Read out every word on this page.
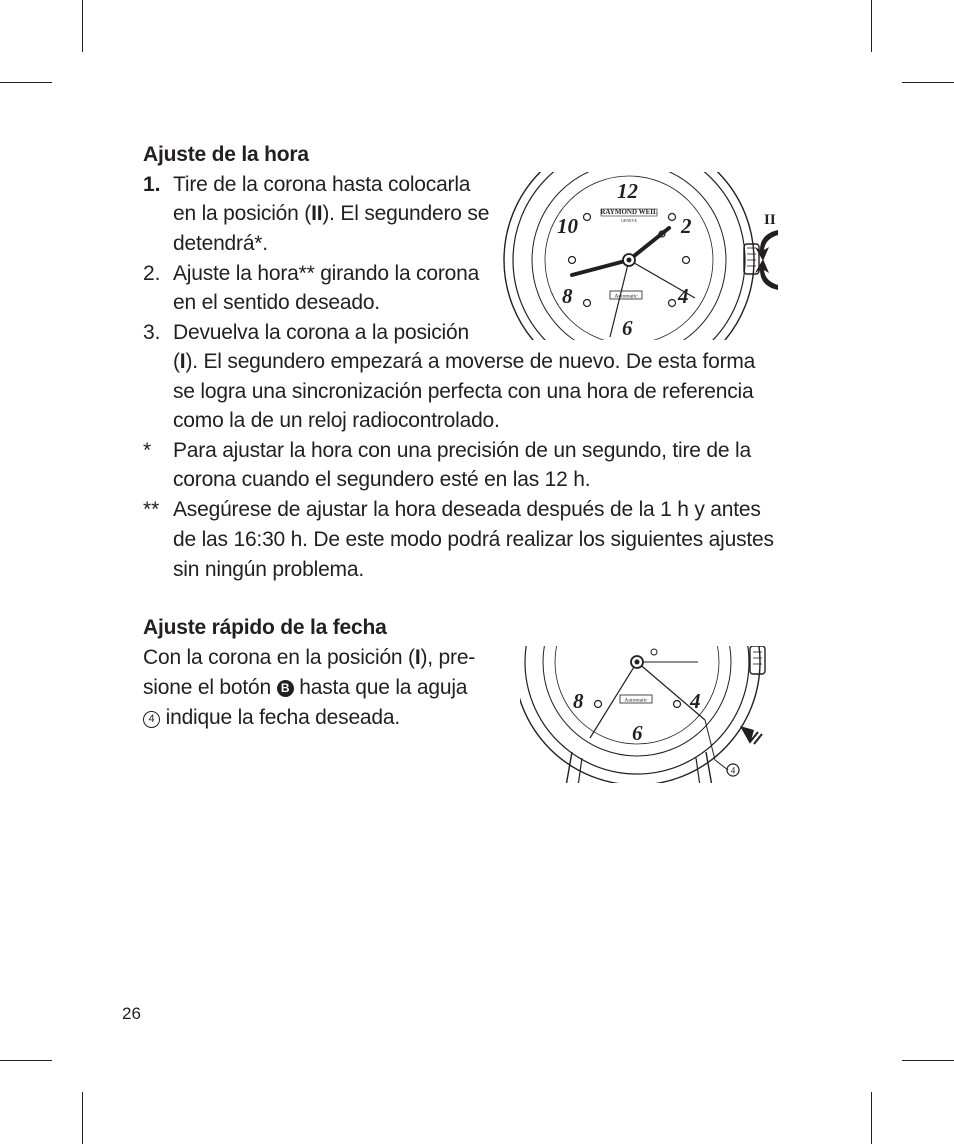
Ajuste de la hora
1. Tire de la corona hasta colocarla
en la posición (II). El segundero se
detendrá*.
2. Ajuste la hora** girando la corona
en el sentido deseado.
3. Devuelva la corona a la posición
(I). El segundero empezará a moverse de nuevo. De esta forma
se logra una sincronización perfecta con una hora de referencia
como la de un reloj radiocontrolado.
* Para ajustar la hora con una precisión de un segundo, tire de la
corona cuando el segundero esté en las 12 h.
** Asegúrese de ajustar la hora deseada después de la 1 h y antes
de las 16:30 h. De este modo podrá realizar los siguientes ajustes
sin ningún problema.
Ajuste rápido de la fecha
Con la corona en la posición (I), pre-
sione el botón B hasta que la aguja
4 indique la fecha deseada.
12
2
4
6
8
10
RAYMOND WEIL
GENEVE
Automatic
II
8
6
4
Automatic
4
26
